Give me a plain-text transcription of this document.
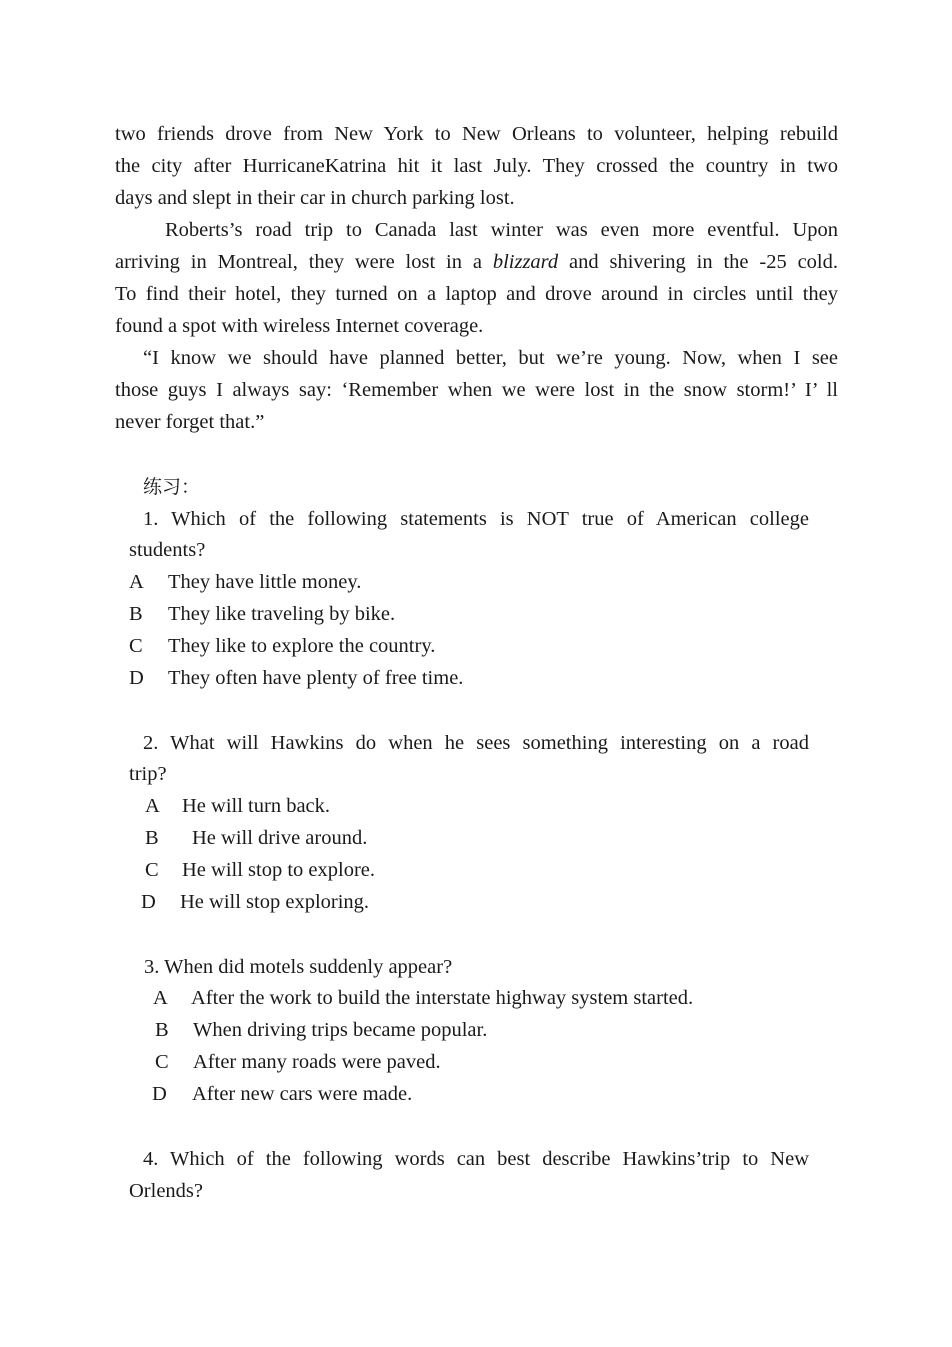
two friends drove from New York to New Orleans to volunteer, helping rebuild
the city after HurricaneKatrina hit it last July. They crossed the country in two
days and slept in their car in church parking lost.
Roberts’s road trip to Canada last winter was even more eventful. Upon
arriving in Montreal, they were lost in a blizzard and shivering in the -25 cold.
To find their hotel, they turned on a laptop and drove around in circles until they
found a spot with wireless Internet coverage.
“I know we should have planned better, but we’re young. Now, when I see
those guys I always say: ‘Remember when we were lost in the snow storm!’ I’ ll
never forget that.”
练习：
1. Which of the following statements is NOT true of American college
students?
A They have little money.
B They like traveling by bike.
C They like to explore the country.
D They often have plenty of free time.
2. What will Hawkins do when he sees something interesting on a road
trip?
A He will turn back.
B He will drive around.
C He will stop to explore.
D He will stop exploring.
3. When did motels suddenly appear?
A After the work to build the interstate highway system started.
B When driving trips became popular.
C After many roads were paved.
D After new cars were made.
4. Which of the following words can best describe Hawkins’trip to New
Orlends?
